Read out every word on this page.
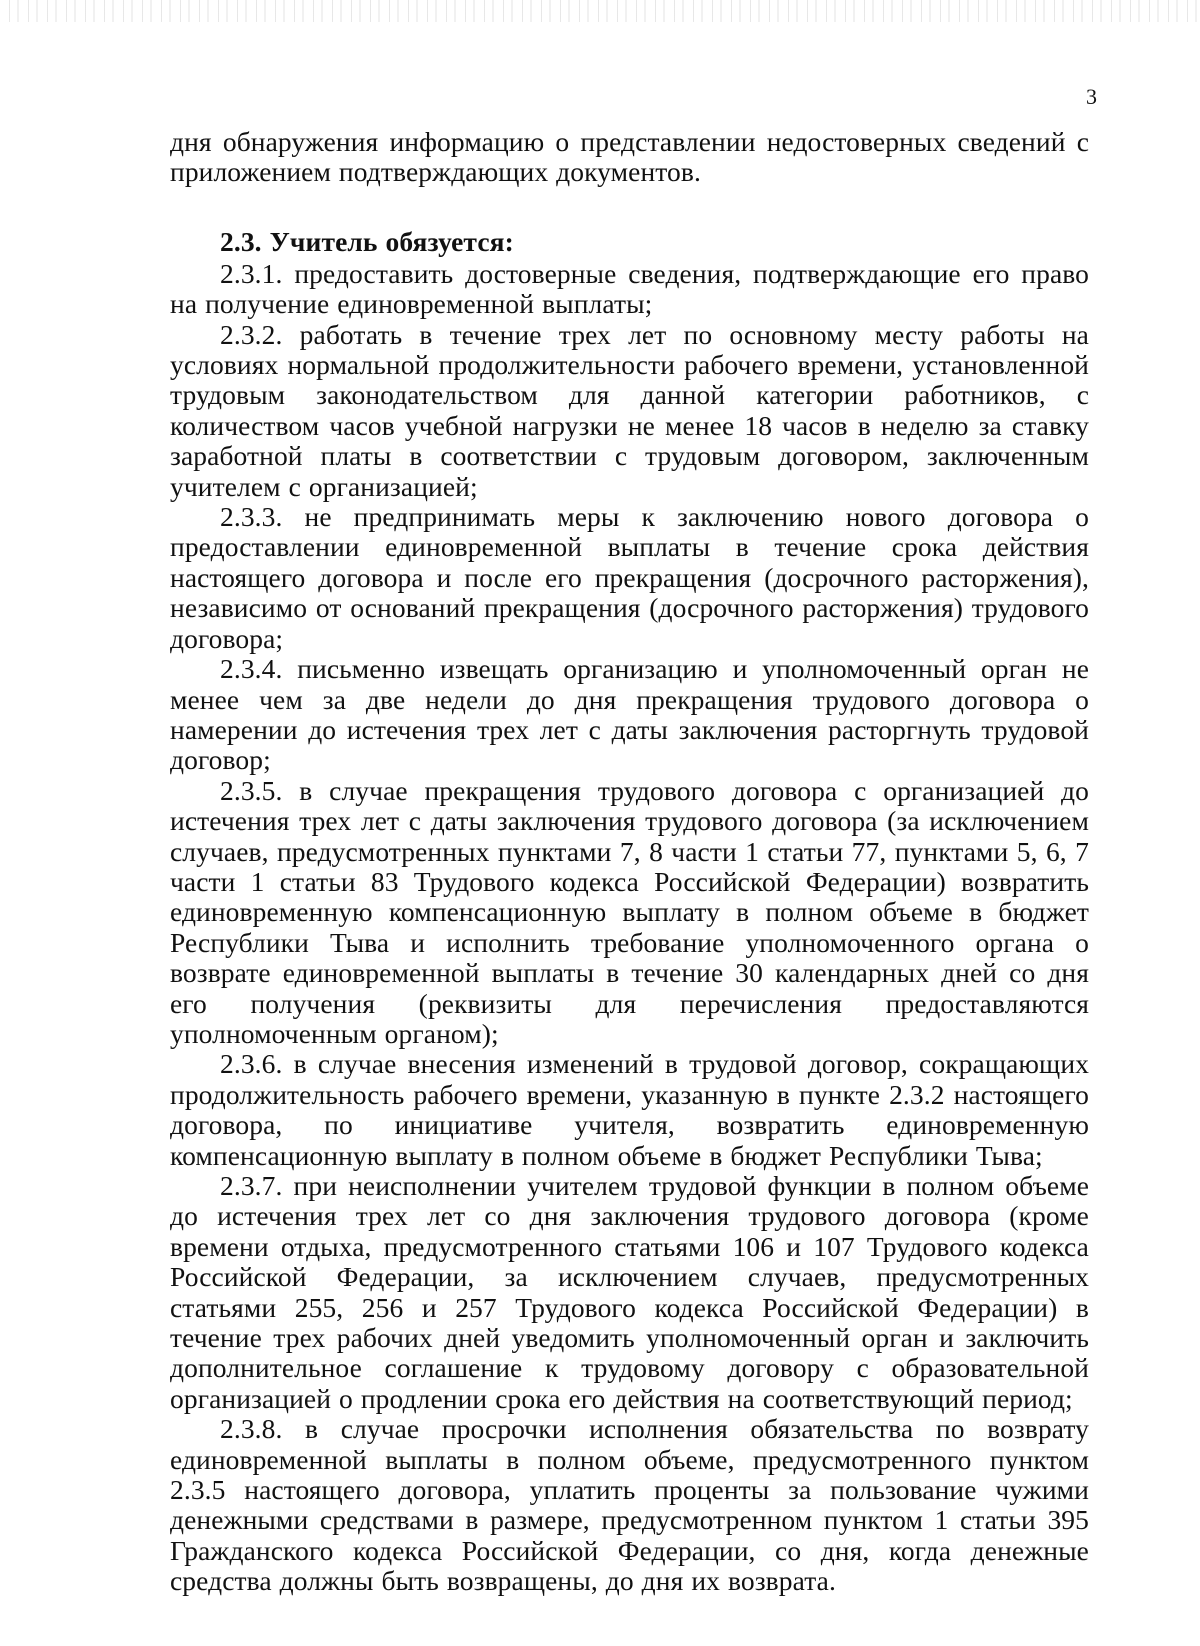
3

дня обнаружения информацию о представлении недостоверных сведений с приложением подтверждающих документов.

2.3. Учитель обязуется:

2.3.1. предоставить достоверные сведения, подтверждающие его право на получение единовременной выплаты;

2.3.2. работать в течение трех лет по основному месту работы на условиях нормальной продолжительности рабочего времени, установленной трудовым законодательством для данной категории работников, с количеством часов учебной нагрузки не менее 18 часов в неделю за ставку заработной платы в соответствии с трудовым договором, заключенным учителем с организацией;

2.3.3. не предпринимать меры к заключению нового договора о предоставлении единовременной выплаты в течение срока действия настоящего договора и после его прекращения (досрочного расторжения), независимо от оснований прекращения (досрочного расторжения) трудового договора;

2.3.4. письменно извещать организацию и уполномоченный орган не менее чем за две недели до дня прекращения трудового договора о намерении до истечения трех лет с даты заключения расторгнуть трудовой договор;

2.3.5. в случае прекращения трудового договора с организацией до истечения трех лет с даты заключения трудового договора (за исключением случаев, предусмотренных пунктами 7, 8 части 1 статьи 77, пунктами 5, 6, 7 части 1 статьи 83 Трудового кодекса Российской Федерации) возвратить единовременную компенсационную выплату в полном объеме в бюджет Республики Тыва и исполнить требование уполномоченного органа о возврате единовременной выплаты в течение 30 календарных дней со дня его получения (реквизиты для перечисления предоставляются уполномоченным органом);

2.3.6. в случае внесения изменений в трудовой договор, сокращающих продолжительность рабочего времени, указанную в пункте 2.3.2 настоящего договора, по инициативе учителя, возвратить единовременную компенсационную выплату в полном объеме в бюджет Республики Тыва;

2.3.7. при неисполнении учителем трудовой функции в полном объеме до истечения трех лет со дня заключения трудового договора (кроме времени отдыха, предусмотренного статьями 106 и 107 Трудового кодекса Российской Федерации, за исключением случаев, предусмотренных статьями 255, 256 и 257 Трудового кодекса Российской Федерации) в течение трех рабочих дней уведомить уполномоченный орган и заключить дополнительное соглашение к трудовому договору с образовательной организацией о продлении срока его действия на соответствующий период;

2.3.8. в случае просрочки исполнения обязательства по возврату единовременной выплаты в полном объеме, предусмотренного пунктом 2.3.5 настоящего договора, уплатить проценты за пользование чужими денежными средствами в размере, предусмотренном пунктом 1 статьи 395 Гражданского кодекса Российской Федерации, со дня, когда денежные средства должны быть возвращены, до дня их возврата.
